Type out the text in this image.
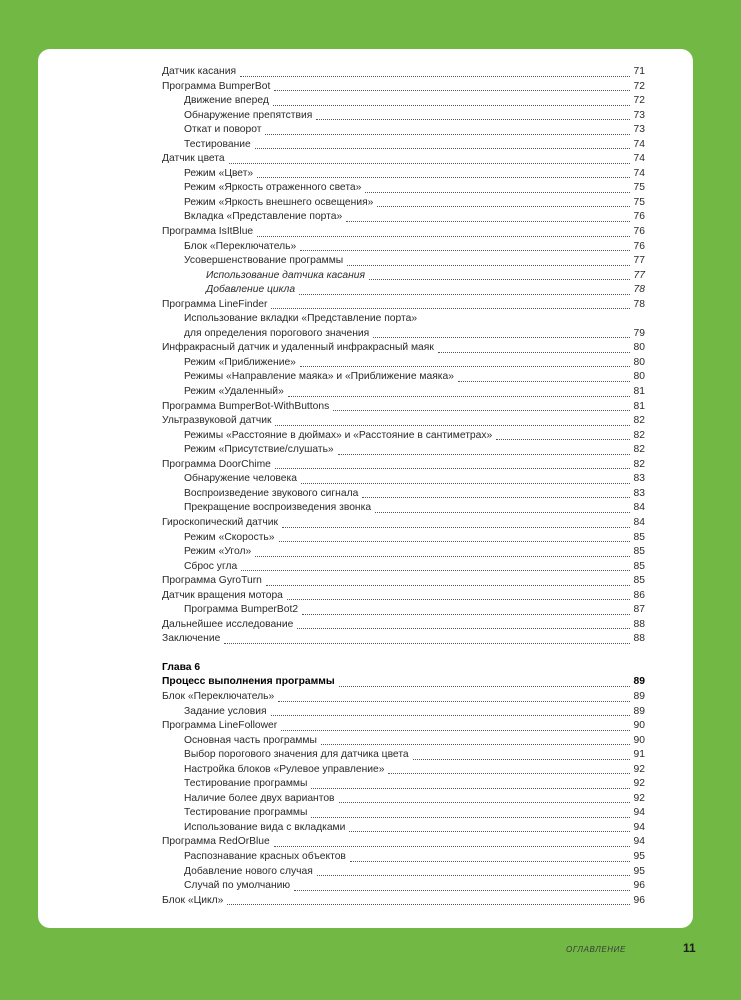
Датчик касания	71
Программа BumperBot	72
Движение вперед	72
Обнаружение препятствия	73
Откат и поворот	73
Тестирование	74
Датчик цвета	74
Режим «Цвет»	74
Режим «Яркость отраженного света»	75
Режим «Яркость внешнего освещения»	75
Вкладка «Представление порта»	76
Программа IsItBlue	76
Блок «Переключатель»	76
Усовершенствование программы	77
Использование датчика касания	77
Добавление цикла	78
Программа LineFinder	78
Использование вкладки «Представление порта»
для определения порогового значения	79
Инфракрасный датчик и удаленный инфракрасный маяк	80
Режим «Приближение»	80
Режимы «Направление маяка» и «Приближение маяка»	80
Режим «Удаленный»	81
Программа BumperBot-WithButtons	81
Ультразвуковой датчик	82
Режимы «Расстояние в дюймах» и «Расстояние в сантиметрах»	82
Режим «Присутствие/слушать»	82
Программа DoorChime	82
Обнаружение человека	83
Воспроизведение звукового сигнала	83
Прекращение воспроизведения звонка	84
Гироскопический датчик	84
Режим «Скорость»	85
Режим «Угол»	85
Сброс угла	85
Программа GyroTurn	85
Датчик вращения мотора	86
Программа BumperBot2	87
Дальнейшее исследование	88
Заключение	88
Глава 6
Процесс выполнения программы	89
Блок «Переключатель»	89
Задание условия	89
Программа LineFollower	90
Основная часть программы	90
Выбор порогового значения для датчика цвета	91
Настройка блоков «Рулевое управление»	92
Тестирование программы	92
Наличие более двух вариантов	92
Тестирование программы	94
Использование вида с вкладками	94
Программа RedOrBlue	94
Распознавание красных объектов	95
Добавление нового случая	95
Случай по умолчанию	96
Блок «Цикл»	96
ОГЛАВЛЕНИЕ	11
